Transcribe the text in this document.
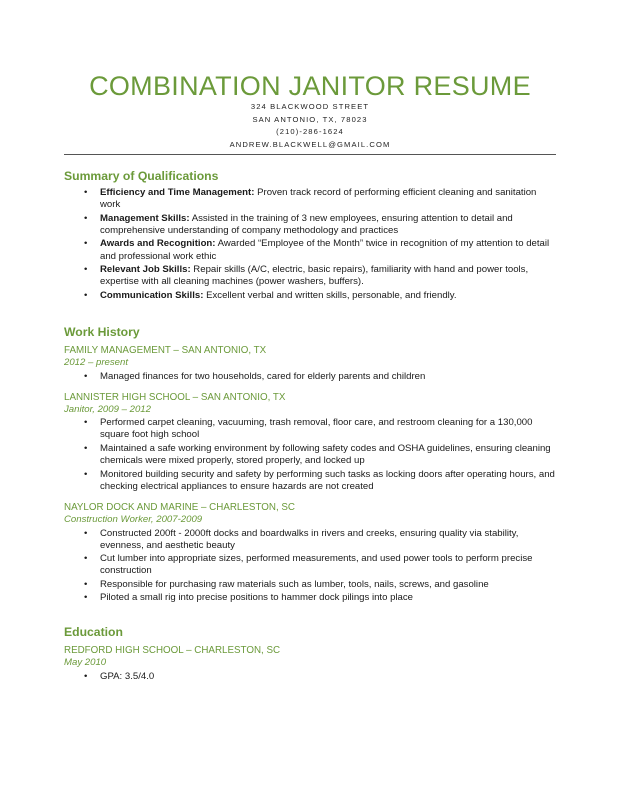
COMBINATION JANITOR RESUME
324 BLACKWOOD STREET
SAN ANTONIO, TX, 78023
(210)-286-1624
ANDREW.BLACKWELL@GMAIL.COM
Summary of Qualifications
• Efficiency and Time Management: Proven track record of performing efficient cleaning and sanitation work
• Management Skills: Assisted in the training of 3 new employees, ensuring attention to detail and comprehensive understanding of company methodology and practices
• Awards and Recognition: Awarded “Employee of the Month” twice in recognition of my attention to detail and professional work ethic
• Relevant Job Skills: Repair skills (A/C, electric, basic repairs), familiarity with hand and power tools, expertise with all cleaning machines (power washers, buffers).
• Communication Skills: Excellent verbal and written skills, personable, and friendly.
Work History
FAMILY MANAGEMENT – SAN ANTONIO, TX
2012 – present
• Managed finances for two households, cared for elderly parents and children
LANNISTER HIGH SCHOOL – SAN ANTONIO, TX
Janitor, 2009 – 2012
• Performed carpet cleaning, vacuuming, trash removal, floor care, and restroom cleaning for a 130,000 square foot high school
• Maintained a safe working environment by following safety codes and OSHA guidelines, ensuring cleaning chemicals were mixed properly, stored properly, and locked up
• Monitored building security and safety by performing such tasks as locking doors after operating hours, and checking electrical appliances to ensure hazards are not created
NAYLOR DOCK AND MARINE – CHARLESTON, SC
Construction Worker, 2007-2009
• Constructed 200ft - 2000ft docks and boardwalks in rivers and creeks, ensuring quality via stability, evenness, and aesthetic beauty
• Cut lumber into appropriate sizes, performed measurements, and used power tools to perform precise construction
• Responsible for purchasing raw materials such as lumber, tools, nails, screws, and gasoline
• Piloted a small rig into precise positions to hammer dock pilings into place
Education
REDFORD HIGH SCHOOL – CHARLESTON, SC
May 2010
• GPA: 3.5/4.0
